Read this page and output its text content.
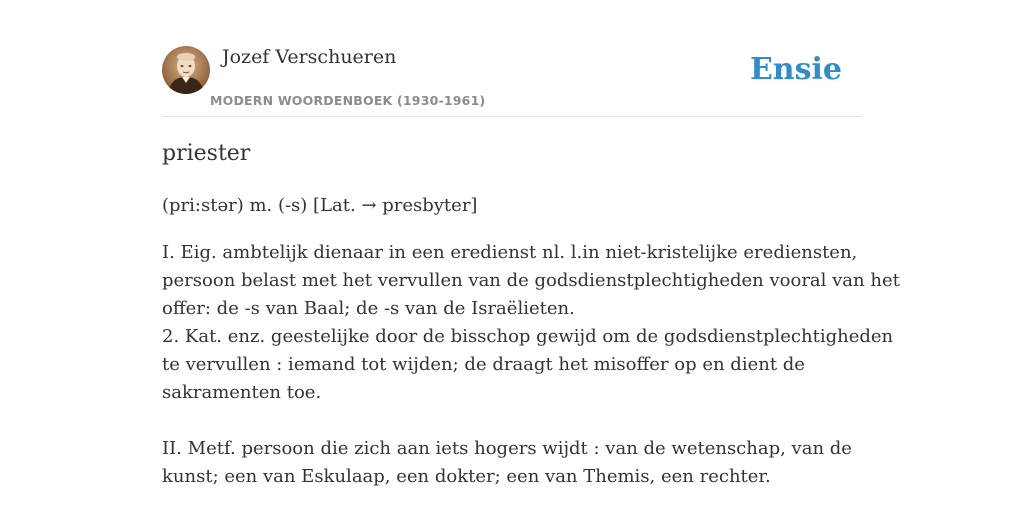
Jozef Verschueren
MODERN WOORDENBOEK (1930-1961)
Ensie
priester
(pri:stər) m. (-s) [Lat. → presbyter]

I. Eig. ambtelijk dienaar in een eredienst nl. l.in niet-kristelijke erediensten,

persoon belast met het vervullen van de godsdienstplechtigheden vooral van het

offer: de -s van Baal; de -s van de Israëlieten.

2. Kat. enz. geestelijke door de bisschop gewijd om de godsdienstplechtigheden

te vervullen : iemand tot wijden; de draagt het misoffer op en dient de

sakramenten toe.

II. Metf. persoon die zich aan iets hogers wijdt : van de wetenschap, van de

kunst; een van Eskulaap, een dokter; een van Themis, een rechter.
